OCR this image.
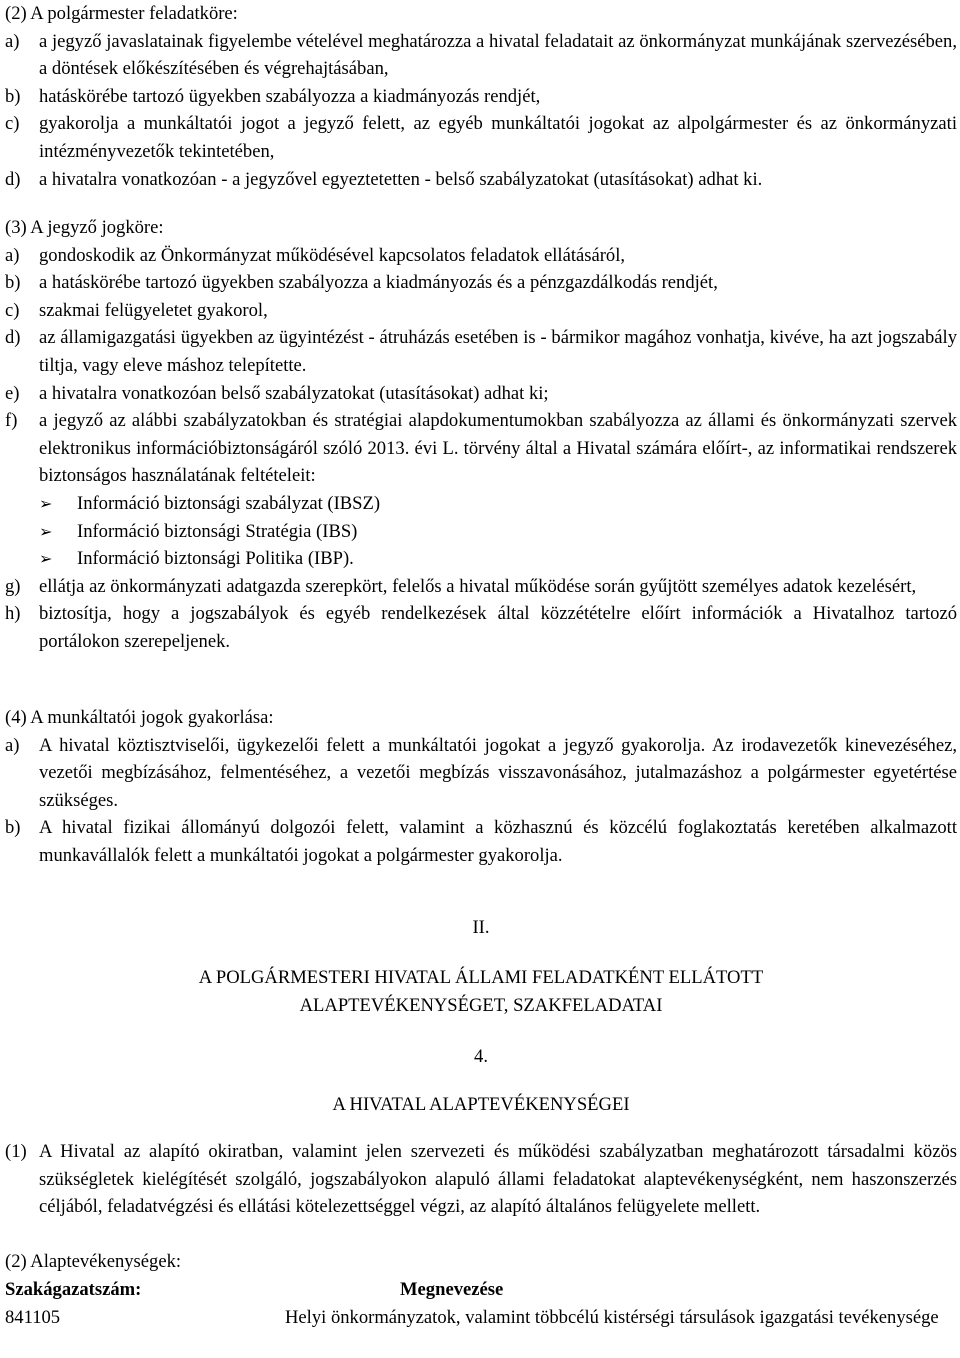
(2) A polgármester feladatköre:
a)	a jegyző javaslatainak figyelembe vételével meghatározza a hivatal feladatait az önkormányzat munkájának szervezésében, a döntések előkészítésében és végrehajtásában,
b) hatáskörébe tartozó ügyekben szabályozza a kiadmányozás rendjét,
c)	gyakorolja a munkáltatói jogot a jegyző felett, az egyéb munkáltatói jogokat az alpolgármester és az önkormányzati intézményvezetők tekintetében,
d) a hivatalra vonatkozóan - a jegyzővel egyeztetetten - belső szabályzatokat (utasításokat) adhat ki.
(3) A jegyző jogköre:
a)	gondoskodik az Önkormányzat működésével kapcsolatos feladatok ellátásáról,
b) a hatáskörébe tartozó ügyekben szabályozza a kiadmányozás és a pénzgazdálkodás rendjét,
c)	szakmai felügyeletet gyakorol,
d) az államigazgatási ügyekben az ügyintézést - átruházás esetében is - bármikor magához vonhatja, kivéve, ha azt jogszabály tiltja, vagy eleve máshoz telepítette.
e)	a hivatalra vonatkozóan belső szabályzatokat (utasításokat) adhat ki;
f)	a jegyző az alábbi szabályzatokban és stratégiai alapdokumentumokban szabályozza az állami és önkormányzati szervek elektronikus információbiztonságáról szóló 2013. évi L. törvény által a Hivatal számára előírt-, az informatikai rendszerek biztonságos használatának feltételeit:
➢	Információ biztonsági szabályzat (IBSZ)
➢	Információ biztonsági Stratégia (IBS)
➢	Információ biztonsági Politika (IBP).
g) ellátja az önkormányzati adatgazda szerepkört, felelős a hivatal működése során gyűjtött személyes adatok kezelésért,
h) biztosítja, hogy a jogszabályok és egyéb rendelkezések által közzétételre előírt információk a Hivatalhoz tartozó portálokon szerepeljenek.
(4) A munkáltatói jogok gyakorlása:
a)	A hivatal köztisztviselői, ügykezelői felett a munkáltatói jogokat a jegyző gyakorolja. Az irodavezetők kinevezéséhez, vezetői megbízásához, felmentéséhez, a vezetői megbízás visszavonásához, jutalmazáshoz a polgármester egyetértése szükséges.
b) A hivatal fizikai állományú dolgozói felett, valamint a közhasznú és közcélú foglakoztatás keretében alkalmazott munkavállalók felett a munkáltatói jogokat a polgármester gyakorolja.
II.
A POLGÁRMESTERI HIVATAL ÁLLAMI FELADATKÉNT ELLÁTOTT
ALAPTEVÉKENYSÉGET, SZAKFELADATAI
4.
A HIVATAL ALAPTEVÉKENYSÉGEI
(1) A Hivatal az alapító okiratban, valamint jelen szervezeti és működési szabályzatban meghatározott társadalmi közös szükségletek kielégítését szolgáló, jogszabályokon alapuló állami feladatokat alaptevékenységként, nem haszonszerzés céljából, feladatvégzési és ellátási kötelezettséggel végzi, az alapító általános felügyelete mellett.
(2) Alaptevékenységek:
Szakágazatszám:	Megnevezése
841105	Helyi önkormányzatok, valamint többcélú kistérségi társulások igazgatási tevékenysége
